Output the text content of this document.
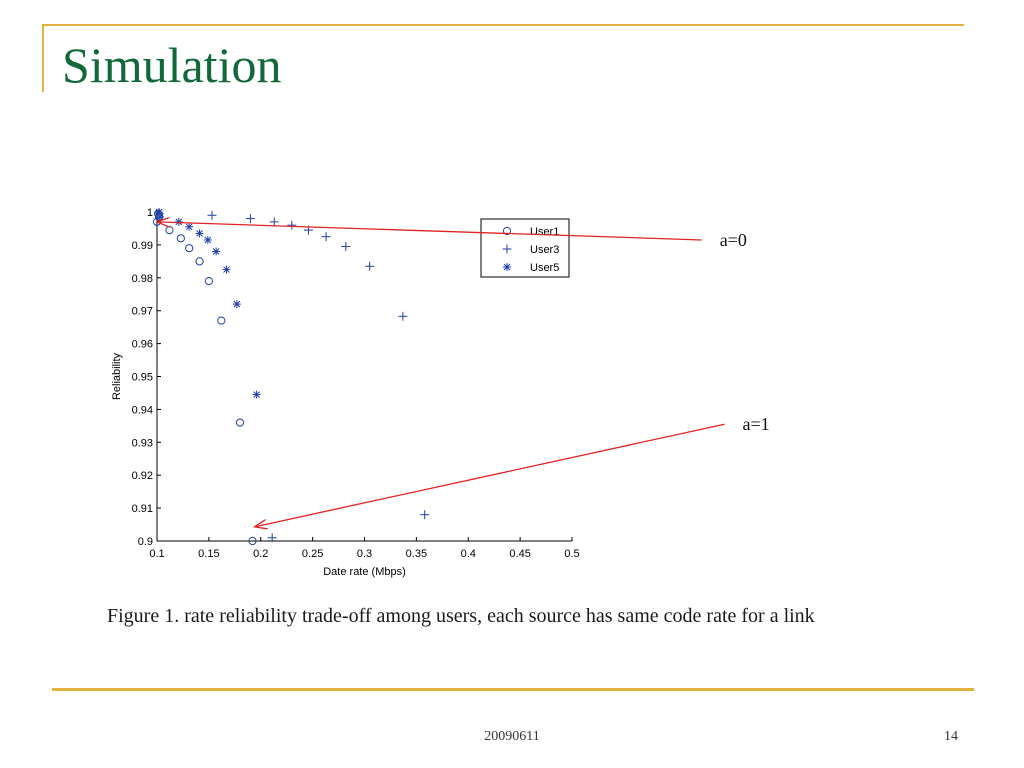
Simulation
0.1	0.15	0.2	0.25	0.3	0.35	0.4	0.45	0.5
0.9
0.91
0.92
0.93
0.94
0.95
0.96
0.97
0.98
0.99
1
Date rate (Mbps)
Reliability
User1
User3
User5
a=0
a=1
Figure 1. rate reliability trade-off among users, each source has same code rate for a link
20090611	14
